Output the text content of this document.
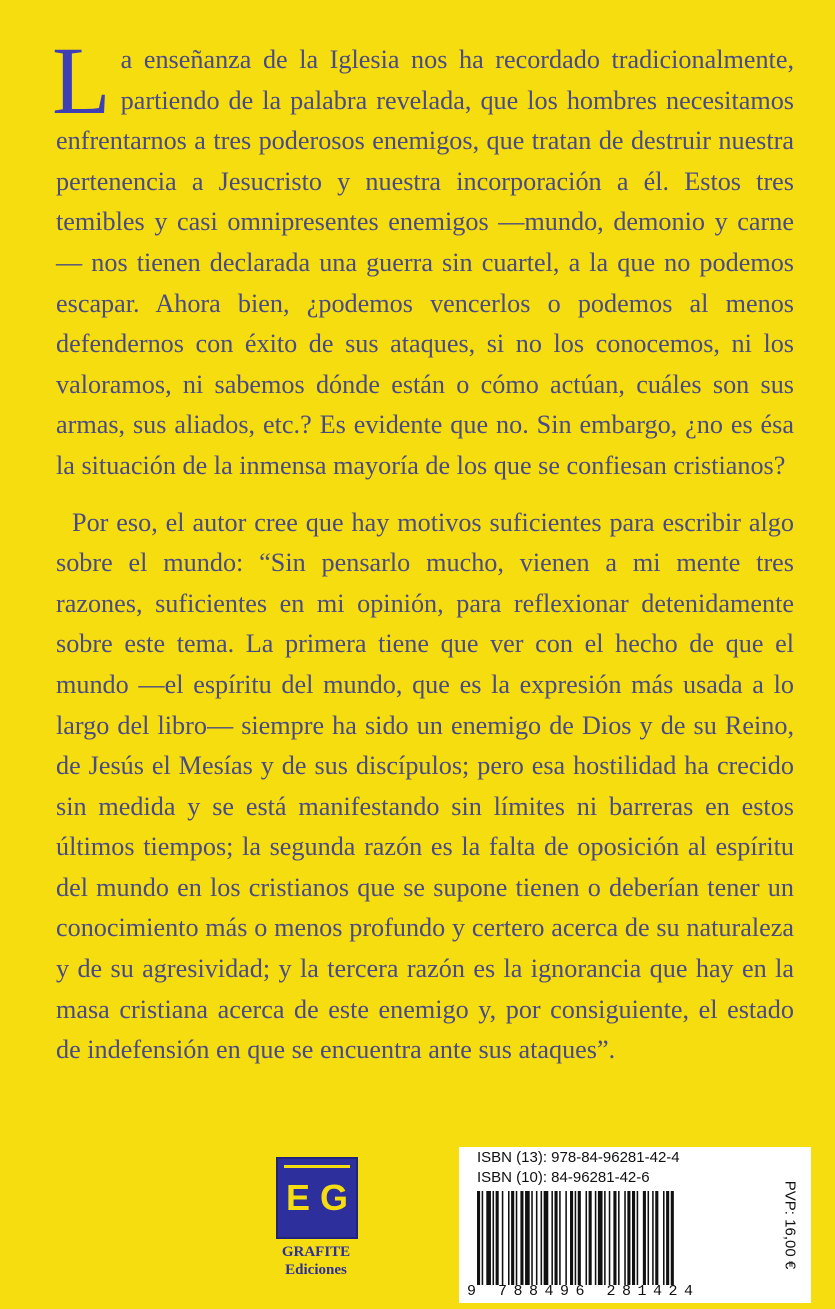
La enseñanza de la Iglesia nos ha recordado tradicionalmente, partiendo de la palabra revelada, que los hombres necesitamos enfrentarnos a tres poderosos enemigos, que tratan de destruir nuestra pertenencia a Jesucristo y nuestra incorporación a él. Estos tres temibles y casi omnipresentes enemigos —mundo, demonio y carne— nos tienen declarada una guerra sin cuartel, a la que no podemos escapar. Ahora bien, ¿podemos vencerlos o podemos al menos defendernos con éxito de sus ataques, si no los conocemos, ni los valoramos, ni sabemos dónde están o cómo actúan, cuáles son sus armas, sus aliados, etc.? Es evidente que no. Sin embargo, ¿no es ésa la situación de la inmensa mayoría de los que se confiesan cristianos?

Por eso, el autor cree que hay motivos suficientes para escribir algo sobre el mundo: “Sin pensarlo mucho, vienen a mi mente tres razones, suficientes en mi opinión, para reflexionar detenidamente sobre este tema. La primera tiene que ver con el hecho de que el mundo —el espíritu del mundo, que es la expresión más usada a lo largo del libro— siempre ha sido un enemigo de Dios y de su Reino, de Jesús el Mesías y de sus discípulos; pero esa hostilidad ha crecido sin medida y se está manifestando sin límites ni barreras en estos últimos tiempos; la segunda razón es la falta de oposición al espíritu del mundo en los cristianos que se supone tienen o deberían tener un conocimiento más o menos profundo y certero acerca de su naturaleza y de su agresividad; y la tercera razón es la ignorancia que hay en la masa cristiana acerca de este enemigo y, por consiguiente, el estado de indefensión en que se encuentra ante sus ataques”.

E G
GRAFITE
Ediciones
ISBN (13): 978-84-96281-42-4
ISBN (10): 84-96281-42-6
9 788496 281424
PVP: 16,00 €
